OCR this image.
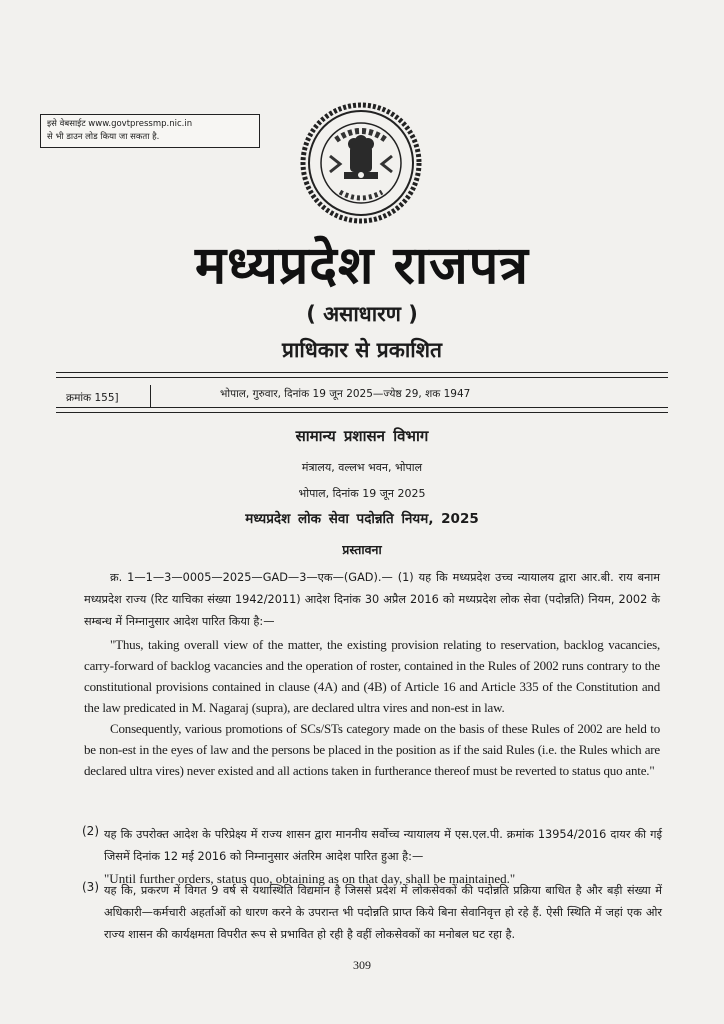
इसे वेबसाईट www.govtpressmp.nic.in
से भी डाउन लोड किया जा सकता है.
मध्यप्रदेश राजपत्र
( असाधारण )
प्राधिकार से प्रकाशित
क्रमांक 155]	भोपाल, गुरुवार, दिनांक 19 जून 2025—ज्येष्ठ 29, शक 1947
सामान्य प्रशासन विभाग
मंत्रालय, वल्लभ भवन, भोपाल
भोपाल, दिनांक 19 जून 2025
मध्यप्रदेश लोक सेवा पदोन्नति नियम, 2025
प्रस्तावना
क्र. 1—1—3—0005—2025—GAD—3—एक—(GAD).— (1) यह कि मध्यप्रदेश उच्च न्यायालय द्वारा आर.बी. राय बनाम मध्यप्रदेश राज्य (रिट याचिका संख्या 1942/2011) आदेश दिनांक 30 अप्रैल 2016 को मध्यप्रदेश लोक सेवा (पदोन्नति) नियम, 2002 के सम्बन्ध में निम्नानुसार आदेश पारित किया है:—
"Thus, taking overall view of the matter, the existing provision relating to reservation, backlog vacancies, carry-forward of backlog vacancies and the operation of roster, contained in the Rules of 2002 runs contrary to the constitutional provisions contained in clause (4A) and (4B) of Article 16 and Article 335 of the Constitution and the law predicated in M. Nagaraj (supra), are declared ultra vires and non-est in law.
Consequently, various promotions of SCs/STs category made on the basis of these Rules of 2002 are held to be non-est in the eyes of law and the persons be placed in the position as if the said Rules (i.e. the Rules which are declared ultra vires) never existed and all actions taken in furtherance thereof must be reverted to status quo ante."
(2) यह कि उपरोक्त आदेश के परिप्रेक्ष्य में राज्य शासन द्वारा माननीय सर्वोच्च न्यायालय में एस.एल.पी. क्रमांक 13954/2016 दायर की गई जिसमें दिनांक 12 मई 2016 को निम्नानुसार अंतरिम आदेश पारित हुआ है:—
"Until further orders, status quo, obtaining as on that day, shall be maintained."
(3) यह कि, प्रकरण में विगत 9 वर्ष से यथास्थिति विद्यमान है जिससे प्रदेश में लोकसेवकों की पदोन्नति प्रक्रिया बाधित है और बड़ी संख्या में अधिकारी—कर्मचारी अहर्ताओं को धारण करने के उपरान्त भी पदोन्नति प्राप्त किये बिना सेवानिवृत्त हो रहे हैं. ऐसी स्थिति में जहां एक ओर राज्य शासन की कार्यक्षमता विपरीत रूप से प्रभावित हो रही है वहीं लोकसेवकों का मनोबल घट रहा है.
309
